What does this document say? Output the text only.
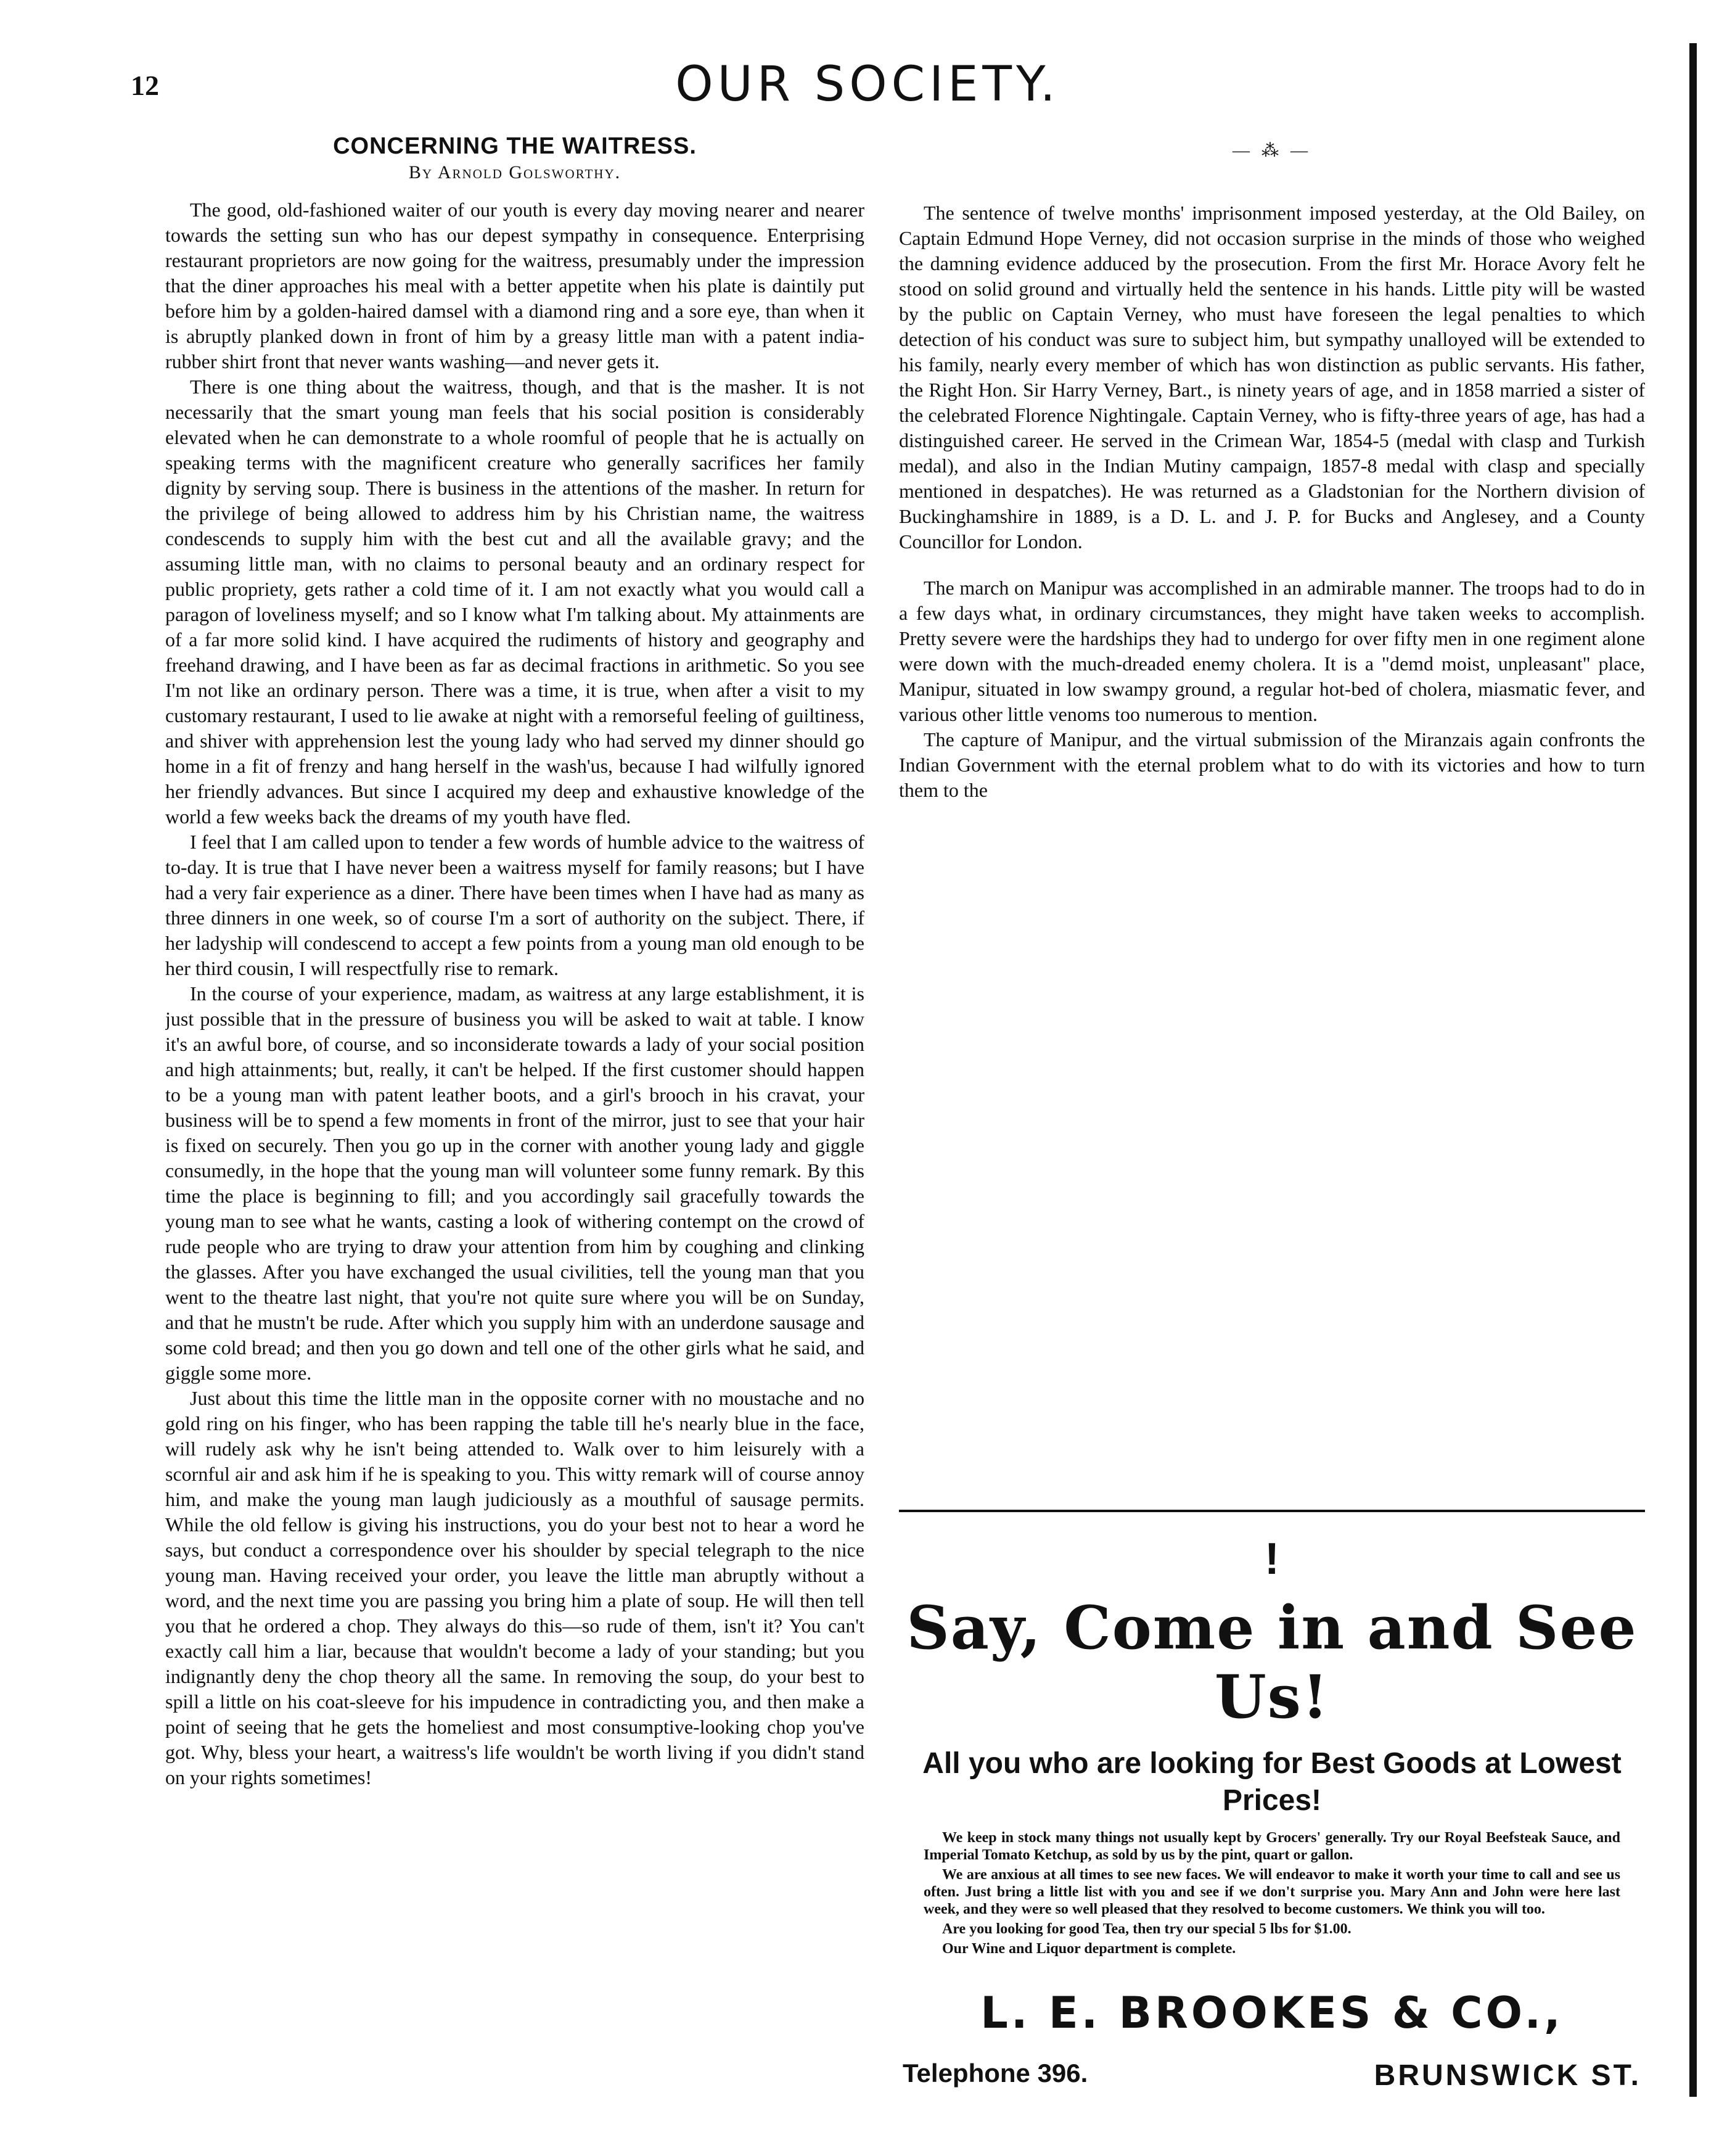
12	OUR SOCIETY.
CONCERNING THE WAITRESS.
By Arnold Golsworthy.

The good, old-fashioned waiter of our youth is every day moving nearer and nearer towards the setting sun who has our depest sympathy in consequence. Enterprising restaurant proprietors are now going for the waitress, presumably under the impression that the diner approaches his meal with a better appetite when his plate is daintily put before him by a golden-haired damsel with a diamond ring and a sore eye, than when it is abruptly planked down in front of him by a greasy little man with a patent india-rubber shirt front that never wants washing—and never gets it.

There is one thing about the waitress, though, and that is the masher. It is not necessarily that the smart young man feels that his social position is considerably elevated when he can demonstrate to a whole roomful of people that he is actually on speaking terms with the magnificent creature who generally sacrifices her family dignity by serving soup. There is business in the attentions of the masher. In return for the privilege of being allowed to address him by his Christian name, the waitress condescends to supply him with the best cut and all the available gravy; and the assuming little man, with no claims to personal beauty and an ordinary respect for public propriety, gets rather a cold time of it. I am not exactly what you would call a paragon of loveliness myself; and so I know what I'm talking about. My attainments are of a far more solid kind. I have acquired the rudiments of history and geography and freehand drawing, and I have been as far as decimal fractions in arithmetic. So you see I'm not like an ordinary person. There was a time, it is true, when after a visit to my customary restaurant, I used to lie awake at night with a remorseful feeling of guiltiness, and shiver with apprehension lest the young lady who had served my dinner should go home in a fit of frenzy and hang herself in the wash'us, because I had wilfully ignored her friendly advances. But since I acquired my deep and exhaustive knowledge of the world a few weeks back the dreams of my youth have fled.

I feel that I am called upon to tender a few words of humble advice to the waitress of to-day. It is true that I have never been a waitress myself for family reasons; but I have had a very fair experience as a diner. There have been times when I have had as many as three dinners in one week, so of course I'm a sort of authority on the subject. There, if her ladyship will condescend to accept a few points from a young man old enough to be her third cousin, I will respectfully rise to remark.

In the course of your experience, madam, as waitress at any large establishment, it is just possible that in the pressure of business you will be asked to wait at table. I know it's an awful bore, of course, and so inconsiderate towards a lady of your social position and high attainments; but, really, it can't be helped. If the first customer should happen to be a young man with patent leather boots, and a girl's brooch in his cravat, your business will be to spend a few moments in front of the mirror, just to see that your hair is fixed on securely. Then you go up in the corner with another young lady and giggle consumedly, in the hope that the young man will volunteer some funny remark. By this time the place is beginning to fill; and you accordingly sail gracefully towards the young man to see what he wants, casting a look of withering contempt on the crowd of rude people who are trying to draw your attention from him by coughing and clinking the glasses. After you have exchanged the usual civilities, tell the young man that you went to the theatre last night, that you're not quite sure where you will be on Sunday, and that he mustn't be rude. After which you supply him with an underdone sausage and some cold bread; and then you go down and tell one of the other girls what he said, and giggle some more.

Just about this time the little man in the opposite corner with no moustache and no gold ring on his finger, who has been rapping the table till he's nearly blue in the face, will rudely ask why he isn't being attended to. Walk over to him leisurely with a scornful air and ask him if he is speaking to you. This witty remark will of course annoy him, and make the young man laugh judiciously as a mouthful of sausage permits. While the old fellow is giving his instructions, you do your best not to hear a word he says, but conduct a correspondence over his shoulder by special telegraph to the nice young man. Having received your order, you leave the little man abruptly without a word, and the next time you are passing you bring him a plate of soup. He will then tell you that he ordered a chop. They always do this—so rude of them, isn't it? You can't exactly call him a liar, because that wouldn't become a lady of your standing; but you indignantly deny the chop theory all the same. In removing the soup, do your best to spill a little on his coat-sleeve for his impudence in contradicting you, and then make a point of seeing that he gets the homeliest and most consumptive-looking chop you've got. Why, bless your heart, a waitress's life wouldn't be worth living if you didn't stand on your rights sometimes!

— ⁂ —

The sentence of twelve months' imprisonment imposed yesterday, at the Old Bailey, on Captain Edmund Hope Verney, did not occasion surprise in the minds of those who weighed the damning evidence adduced by the prosecution. From the first Mr. Horace Avory felt he stood on solid ground and virtually held the sentence in his hands. Little pity will be wasted by the public on Captain Verney, who must have foreseen the legal penalties to which detection of his conduct was sure to subject him, but sympathy unalloyed will be extended to his family, nearly every member of which has won distinction as public servants. His father, the Right Hon. Sir Harry Verney, Bart., is ninety years of age, and in 1858 married a sister of the celebrated Florence Nightingale. Captain Verney, who is fifty-three years of age, has had a distinguished career. He served in the Crimean War, 1854-5 (medal with clasp and Turkish medal), and also in the Indian Mutiny campaign, 1857-8 medal with clasp and specially mentioned in despatches). He was returned as a Gladstonian for the Northern division of Buckinghamshire in 1889, is a D. L. and J. P. for Bucks and Anglesey, and a County Councillor for London.

The march on Manipur was accomplished in an admirable manner. The troops had to do in a few days what, in ordinary circumstances, they might have taken weeks to accomplish. Pretty severe were the hardships they had to undergo for over fifty men in one regiment alone were down with the much-dreaded enemy cholera. It is a "demd moist, unpleasant" place, Manipur, situated in low swampy ground, a regular hot-bed of cholera, miasmatic fever, and various other little venoms too numerous to mention.

The capture of Manipur, and the virtual submission of the Miranzais again confronts the Indian Government with the eternal problem what to do with its victories and how to turn them to the

!
Say, Come in and See Us!
All you who are looking for Best Goods at Lowest Prices!

We keep in stock many things not usually kept by Grocers' generally. Try our Royal Beefsteak Sauce, and Imperial Tomato Ketchup, as sold by us by the pint, quart or gallon.

We are anxious at all times to see new faces. We will endeavor to make it worth your time to call and see us often. Just bring a little list with you and see if we don't surprise you. Mary Ann and John were here last week, and they were so well pleased that they resolved to become customers. We think you will too.

Are you looking for good Tea, then try our special 5 lbs for $1.00.

Our Wine and Liquor department is complete.

L. E. BROOKES & CO.,
Telephone 396.	BRUNSWICK ST.
